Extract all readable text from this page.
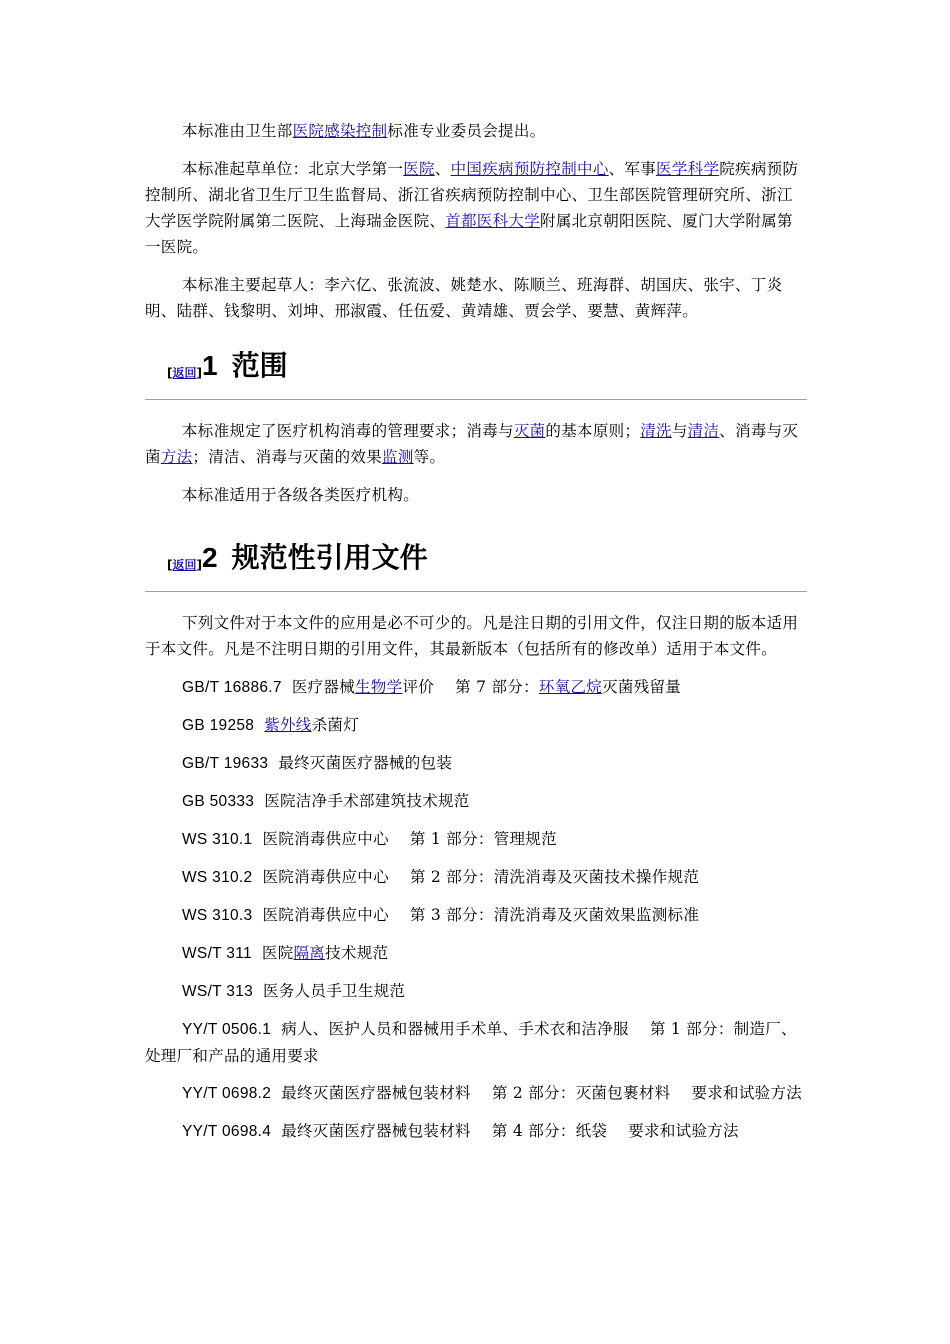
本标准由卫生部医院感染控制标准专业委员会提出。

本标准起草单位：北京大学第一医院、中国疾病预防控制中心、军事医学科学院疾病预防控制所、湖北省卫生厅卫生监督局、浙江省疾病预防控制中心、卫生部医院管理研究所、浙江大学医学院附属第二医院、上海瑞金医院、首都医科大学附属北京朝阳医院、厦门大学附属第一医院。

本标准主要起草人：李六亿、张流波、姚楚水、陈顺兰、班海群、胡国庆、张宇、丁炎明、陆群、钱黎明、刘坤、邢淑霞、任伍爱、黄靖雄、贾会学、要慧、黄辉萍。

[返回]1 范围

本标准规定了医疗机构消毒的管理要求；消毒与灭菌的基本原则；清洗与清洁、消毒与灭菌方法；清洁、消毒与灭菌的效果监测等。

本标准适用于各级各类医疗机构。

[返回]2 规范性引用文件

下列文件对于本文件的应用是必不可少的。凡是注日期的引用文件，仅注日期的版本适用于本文件。凡是不注明日期的引用文件，其最新版本（包括所有的修改单）适用于本文件。

GB/T 16886.7 医疗器械生物学评价　 第 7 部分：环氧乙烷灭菌残留量

GB 19258 紫外线杀菌灯

GB/T 19633 最终灭菌医疗器械的包装

GB 50333 医院洁净手术部建筑技术规范

WS 310.1 医院消毒供应中心　 第 1 部分：管理规范

WS 310.2 医院消毒供应中心　 第 2 部分：清洗消毒及灭菌技术操作规范

WS 310.3 医院消毒供应中心　 第 3 部分：清洗消毒及灭菌效果监测标准

WS/T 311 医院隔离技术规范

WS/T 313 医务人员手卫生规范

YY/T 0506.1 病人、医护人员和器械用手术单、手术衣和洁净服　 第 1 部分：制造厂、处理厂和产品的通用要求

YY/T 0698.2 最终灭菌医疗器械包装材料　 第 2 部分：灭菌包裹材料　 要求和试验方法

YY/T 0698.4 最终灭菌医疗器械包装材料　 第 4 部分：纸袋　 要求和试验方法
